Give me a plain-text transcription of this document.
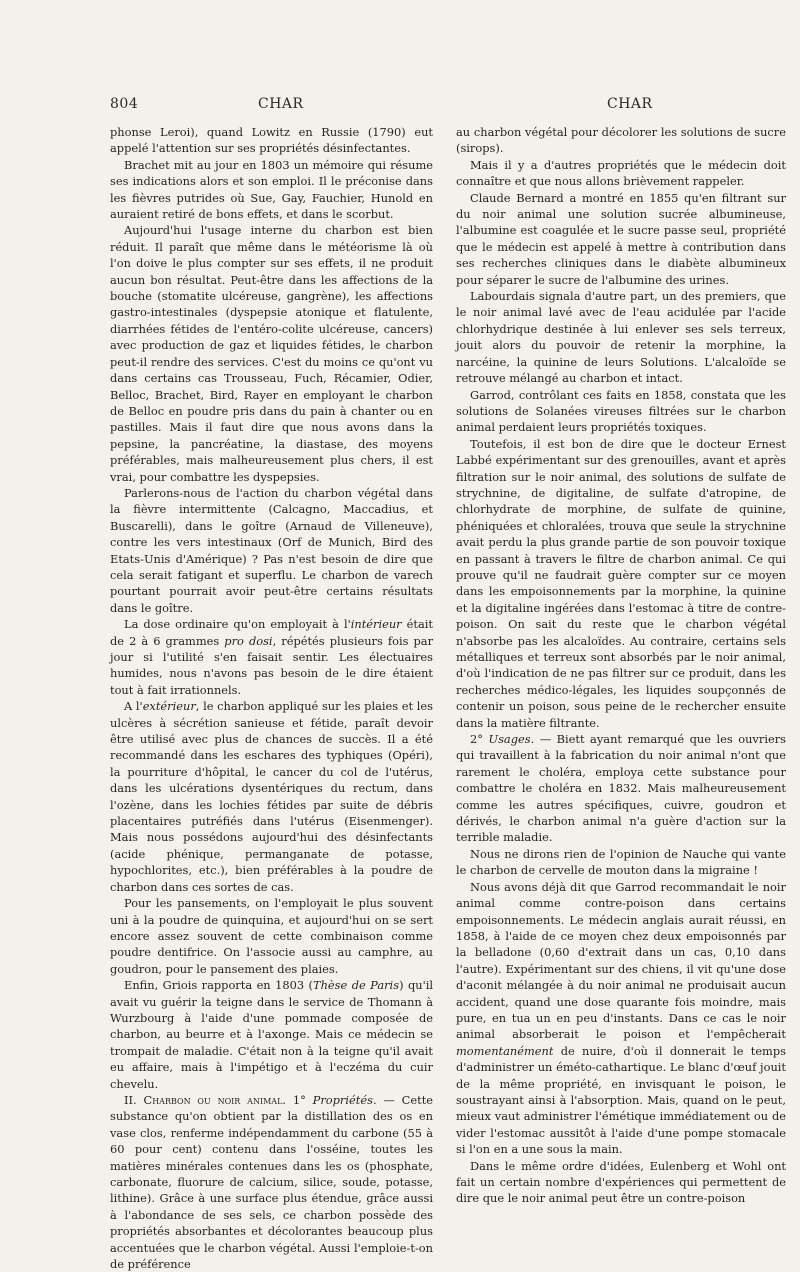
804	CHAR	CHAR

phonse Leroi), quand Lowitz en Russie (1790) eut appelé l'attention sur ses propriétés désinfectantes.

Brachet mit au jour en 1803 un mémoire qui résume ses indications alors et son emploi. Il le préconise dans les fièvres putrides où Sue, Gay, Fauchier, Hunold en auraient retiré de bons effets, et dans le scorbut.

Aujourd'hui l'usage interne du charbon est bien réduit. Il paraît que même dans le météorisme là où l'on doive le plus compter sur ses effets, il ne produit aucun bon résultat. Peut-être dans les affections de la bouche (stomatite ulcéreuse, gangrène), les affections gastro-intestinales (dyspepsie atonique et flatulente, diarrhées fétides de l'entéro-colite ulcéreuse, cancers) avec production de gaz et liquides fétides, le charbon peut-il rendre des services. C'est du moins ce qu'ont vu dans certains cas Trousseau, Fuch, Récamier, Odier, Belloc, Brachet, Bird, Rayer en employant le charbon de Belloc en poudre pris dans du pain à chanter ou en pastilles. Mais il faut dire que nous avons dans la pepsine, la pancréatine, la diastase, des moyens préférables, mais malheureusement plus chers, il est vrai, pour combattre les dyspepsies.

Parlerons-nous de l'action du charbon végétal dans la fièvre intermittente (Calcagno, Maccadius, et Buscarelli), dans le goître (Arnaud de Villeneuve), contre les vers intestinaux (Orf de Munich, Bird des Etats-Unis d'Amérique) ? Pas n'est besoin de dire que cela serait fatigant et superflu. Le charbon de varech pourtant pourrait avoir peut-être certains résultats dans le goître.

La dose ordinaire qu'on employait à l'intérieur était de 2 à 6 grammes pro dosi, répétés plusieurs fois par jour si l'utilité s'en faisait sentir. Les électuaires humides, nous n'avons pas besoin de le dire étaient tout à fait irrationnels.

A l'extérieur, le charbon appliqué sur les plaies et les ulcères à sécrétion sanieuse et fétide, paraît devoir être utilisé avec plus de chances de succès. Il a été recommandé dans les eschares des typhiques (Opéri), la pourriture d'hôpital, le cancer du col de l'utérus, dans les ulcérations dysentériques du rectum, dans l'ozène, dans les lochies fétides par suite de débris placentaires putréfiés dans l'utérus (Eisenmenger). Mais nous possédons aujourd'hui des désinfectants (acide phénique, permanganate de potasse, hypochlorites, etc.), bien préférables à la poudre de charbon dans ces sortes de cas.

Pour les pansements, on l'employait le plus souvent uni à la poudre de quinquina, et aujourd'hui on se sert encore assez souvent de cette combinaison comme poudre dentifrice. On l'associe aussi au camphre, au goudron, pour le pansement des plaies.

Enfin, Griois rapporta en 1803 (Thèse de Paris) qu'il avait vu guérir la teigne dans le service de Thomann à Wurzbourg à l'aide d'une pommade composée de charbon, au beurre et à l'axonge. Mais ce médecin se trompait de maladie. C'était non à la teigne qu'il avait eu affaire, mais à l'impétigo et à l'eczéma du cuir chevelu.

II. Charbon ou noir animal. 1° Propriétés. — Cette substance qu'on obtient par la distillation des os en vase clos, renferme indépendamment du carbone (55 à 60 pour cent) contenu dans l'osséine, toutes les matières minérales contenues dans les os (phosphate, carbonate, fluorure de calcium, silice, soude, potasse, lithine). Grâce à une surface plus étendue, grâce aussi à l'abondance de ses sels, ce charbon possède des propriétés absorbantes et décolorantes beaucoup plus accentuées que le charbon végétal. Aussi l'emploie-t-on de préférence

au charbon végétal pour décolorer les solutions de sucre (sirops).

Mais il y a d'autres propriétés que le médecin doit connaître et que nous allons brièvement rappeler.

Claude Bernard a montré en 1855 qu'en filtrant sur du noir animal une solution sucrée albumineuse, l'albumine est coagulée et le sucre passe seul, propriété que le médecin est appelé à mettre à contribution dans ses recherches cliniques dans le diabète albumineux pour séparer le sucre de l'albumine des urines.

Labourdais signala d'autre part, un des premiers, que le noir animal lavé avec de l'eau acidulée par l'acide chlorhydrique destinée à lui enlever ses sels terreux, jouit alors du pouvoir de retenir la morphine, la narcéine, la quinine de leurs Solutions. L'alcaloïde se retrouve mélangé au charbon et intact.

Garrod, contrôlant ces faits en 1858, constata que les solutions de Solanées vireuses filtrées sur le charbon animal perdaient leurs propriétés toxiques.

Toutefois, il est bon de dire que le docteur Ernest Labbé expérimentant sur des grenouilles, avant et après filtration sur le noir animal, des solutions de sulfate de strychnine, de digitaline, de sulfate d'atropine, de chlorhydrate de morphine, de sulfate de quinine, phéniquées et chloralées, trouva que seule la strychnine avait perdu la plus grande partie de son pouvoir toxique en passant à travers le filtre de charbon animal. Ce qui prouve qu'il ne faudrait guère compter sur ce moyen dans les empoisonnements par la morphine, la quinine et la digitaline ingérées dans l'estomac à titre de contre-poison. On sait du reste que le charbon végétal n'absorbe pas les alcaloïdes. Au contraire, certains sels métalliques et terreux sont absorbés par le noir animal, d'où l'indication de ne pas filtrer sur ce produit, dans les recherches médico-légales, les liquides soupçonnés de contenir un poison, sous peine de le rechercher ensuite dans la matière filtrante.

2° Usages. — Biett ayant remarqué que les ouvriers qui travaillent à la fabrication du noir animal n'ont que rarement le choléra, employa cette substance pour combattre le choléra en 1832. Mais malheureusement comme les autres spécifiques, cuivre, goudron et dérivés, le charbon animal n'a guère d'action sur la terrible maladie.

Nous ne dirons rien de l'opinion de Nauche qui vante le charbon de cervelle de mouton dans la migraine !

Nous avons déjà dit que Garrod recommandait le noir animal comme contre-poison dans certains empoisonnements. Le médecin anglais aurait réussi, en 1858, à l'aide de ce moyen chez deux empoisonnés par la belladone (0,60 d'extrait dans un cas, 0,10 dans l'autre). Expérimentant sur des chiens, il vit qu'une dose d'aconit mélangée à du noir animal ne produisait aucun accident, quand une dose quarante fois moindre, mais pure, en tua un en peu d'instants. Dans ce cas le noir animal absorberait le poison et l'empêcherait momentanément de nuire, d'où il donnerait le temps d'administrer un éméto-cathartique. Le blanc d'œuf jouit de la même propriété, en invisquant le poison, le soustrayant ainsi à l'absorption. Mais, quand on le peut, mieux vaut administrer l'émétique immédiatement ou de vider l'estomac aussitôt à l'aide d'une pompe stomacale si l'on en a une sous la main.

Dans le même ordre d'idées, Eulenberg et Wohl ont fait un certain nombre d'expériences qui permettent de dire que le noir animal peut être un contre-poison
